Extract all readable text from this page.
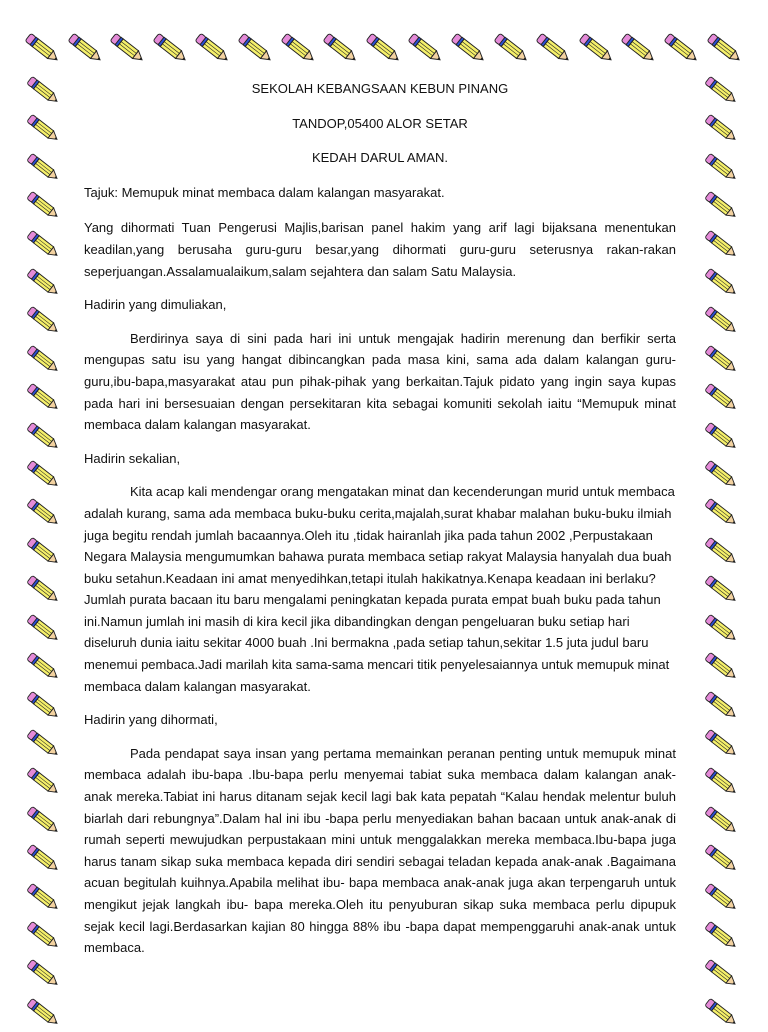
SEKOLAH KEBANGSAAN KEBUN PINANG

TANDOP,05400 ALOR SETAR

KEDAH DARUL AMAN.

Tajuk: Memupuk minat membaca dalam kalangan masyarakat.

Yang dihormati Tuan Pengerusi Majlis,barisan panel hakim yang arif lagi bijaksana menentukan keadilan,yang berusaha guru-guru besar,yang dihormati guru-guru seterusnya rakan-rakan seperjuangan.Assalamualaikum,salam sejahtera dan salam Satu Malaysia.

Hadirin yang dimuliakan,

Berdirinya saya di sini pada hari ini untuk mengajak hadirin merenung dan berfikir serta mengupas satu isu yang hangat dibincangkan pada masa kini, sama ada dalam kalangan guru-guru,ibu-bapa,masyarakat atau pun pihak-pihak yang berkaitan.Tajuk pidato yang ingin saya kupas pada hari ini bersesuaian dengan persekitaran kita sebagai komuniti sekolah iaitu “Memupuk minat membaca dalam kalangan masyarakat.

Hadirin sekalian,

Kita acap kali mendengar orang mengatakan minat dan kecenderungan murid untuk membaca adalah kurang, sama ada membaca buku-buku cerita,majalah,surat khabar malahan buku-buku ilmiah juga begitu rendah jumlah bacaannya.Oleh itu ,tidak hairanlah jika pada tahun 2002 ,Perpustakaan Negara Malaysia mengumumkan bahawa purata membaca setiap rakyat Malaysia hanyalah dua buah buku setahun.Keadaan ini amat menyedihkan,tetapi itulah hakikatnya.Kenapa keadaan ini berlaku? Jumlah purata bacaan itu baru mengalami peningkatan kepada purata empat buah buku pada tahun ini.Namun jumlah ini masih di kira kecil jika dibandingkan dengan pengeluaran buku setiap hari diseluruh dunia iaitu sekitar 4000 buah .Ini bermakna ,pada setiap tahun,sekitar 1.5 juta judul baru menemui pembaca.Jadi marilah kita sama-sama mencari titik penyelesaiannya untuk memupuk minat membaca dalam kalangan masyarakat.

Hadirin yang dihormati,

Pada pendapat saya insan yang pertama memainkan peranan penting untuk memupuk minat membaca adalah ibu-bapa .Ibu-bapa perlu menyemai tabiat suka membaca dalam kalangan anak-anak mereka.Tabiat ini harus ditanam sejak kecil lagi bak kata pepatah “Kalau hendak melentur buluh biarlah dari rebungnya”.Dalam hal ini ibu -bapa perlu menyediakan bahan bacaan untuk anak-anak di rumah seperti mewujudkan perpustakaan mini untuk menggalakkan mereka membaca.Ibu-bapa juga harus tanam sikap suka membaca kepada diri sendiri sebagai teladan kepada anak-anak .Bagaimana acuan begitulah kuihnya.Apabila melihat ibu- bapa membaca anak-anak juga akan terpengaruh untuk mengikut jejak langkah ibu- bapa mereka.Oleh itu penyuburan sikap suka membaca perlu dipupuk sejak kecil lagi.Berdasarkan kajian 80 hingga 88% ibu -bapa dapat mempenggaruhi anak-anak untuk membaca.
